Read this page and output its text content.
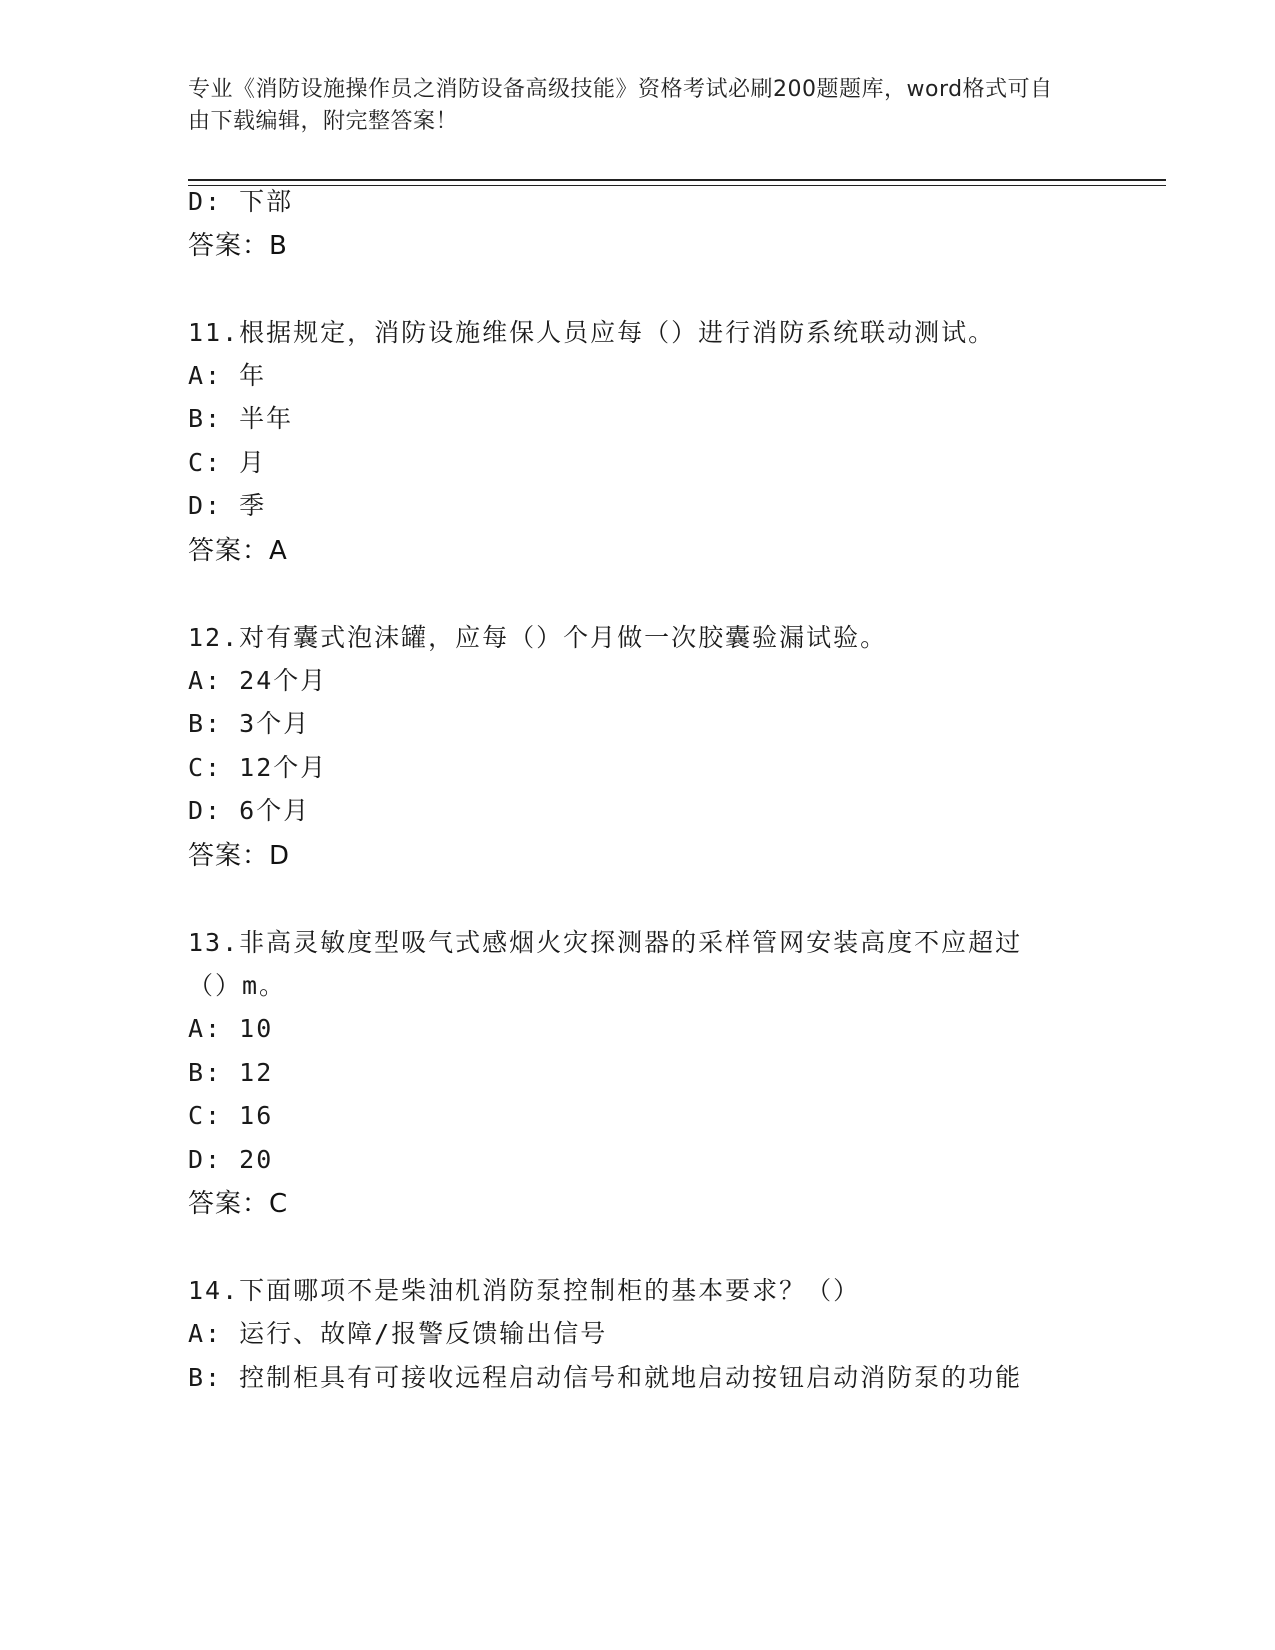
专业《消防设施操作员之消防设备高级技能》资格考试必刷200题题库，word格式可自由下载编辑，附完整答案！
D: 下部
答案：B
11.根据规定，消防设施维保人员应每（）进行消防系统联动测试。
A: 年
B: 半年
C: 月
D: 季
答案：A
12.对有囊式泡沫罐，应每（）个月做一次胶囊验漏试验。
A: 24个月
B: 3个月
C: 12个月
D: 6个月
答案：D
13.非高灵敏度型吸气式感烟火灾探测器的采样管网安装高度不应超过
（）m。
A: 10
B: 12
C: 16
D: 20
答案：C
14.下面哪项不是柴油机消防泵控制柜的基本要求？（）
A: 运行、故障/报警反馈输出信号
B: 控制柜具有可接收远程启动信号和就地启动按钮启动消防泵的功能
